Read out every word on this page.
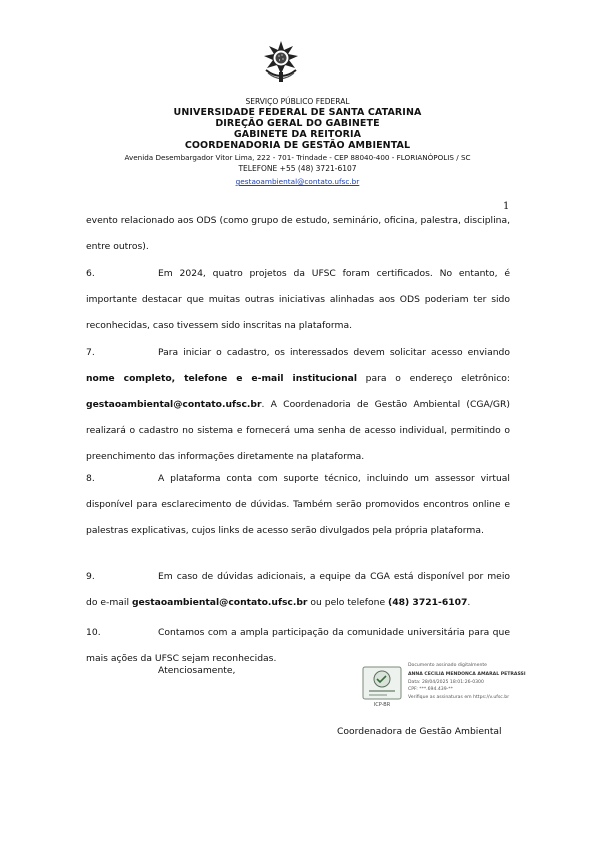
SERVIÇO PÚBLICO FEDERAL
UNIVERSIDADE FEDERAL DE SANTA CATARINA
DIREÇÃO GERAL DO GABINETE
GABINETE DA REITORIA
COORDENADORIA DE GESTÃO AMBIENTAL
Avenida Desembargador Vitor Lima, 222 - 701- Trindade - CEP 88040-400 - FLORIANÓPOLIS / SC
TELEFONE +55 (48) 3721-6107
gestaoambiental@contato.ufsc.br
1
evento relacionado aos ODS (como grupo de estudo, seminário, oficina, palestra, disciplina, entre outros).
6.	Em 2024, quatro projetos da UFSC foram certificados. No entanto, é importante destacar que muitas outras iniciativas alinhadas aos ODS poderiam ter sido reconhecidas, caso tivessem sido inscritas na plataforma.
7.	Para iniciar o cadastro, os interessados devem solicitar acesso enviando nome completo, telefone e e-mail institucional para o endereço eletrônico: gestaoambiental@contato.ufsc.br. A Coordenadoria de Gestão Ambiental (CGA/GR) realizará o cadastro no sistema e fornecerá uma senha de acesso individual, permitindo o preenchimento das informações diretamente na plataforma.
8.	A plataforma conta com suporte técnico, incluindo um assessor virtual disponível para esclarecimento de dúvidas. Também serão promovidos encontros online e palestras explicativas, cujos links de acesso serão divulgados pela própria plataforma.
9.	Em caso de dúvidas adicionais, a equipe da CGA está disponível por meio do e-mail gestaoambiental@contato.ufsc.br ou pelo telefone (48) 3721-6107.
10.	Contamos com a ampla participação da comunidade universitária para que mais ações da UFSC sejam reconhecidas.
Atenciosamente,
ICP-BR
Documento assinado digitalmente
ANNA CECILIA MENDONCA AMARAL PETRASSI
Data: 28/04/2025 18:01:26-0300
CPF: ***.694.439-**
Verifique as assinaturas em https://v.ufsc.br
Coordenadora de Gestão Ambiental
